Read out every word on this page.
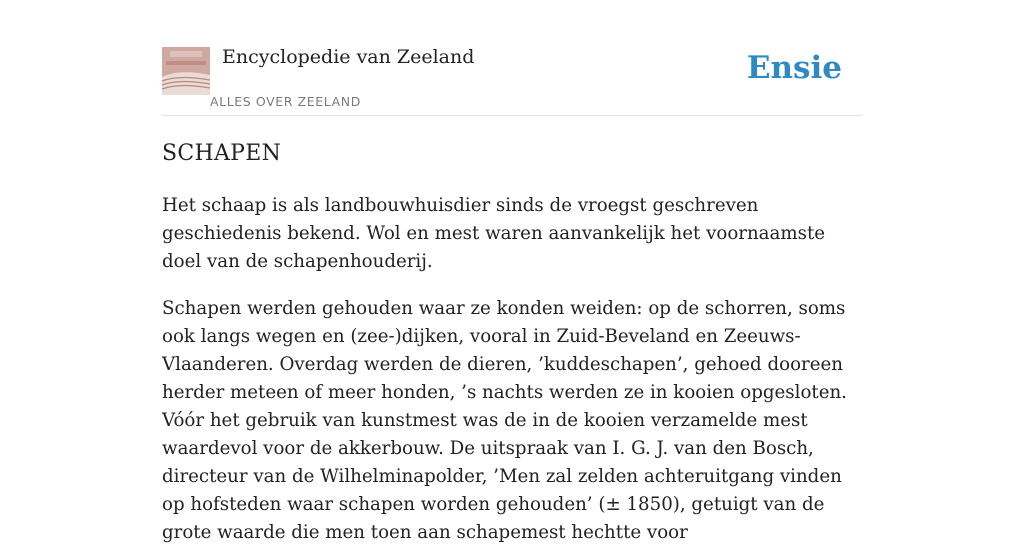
Encyclopedie van Zeeland
ALLES OVER ZEELAND
Ensie
SCHAPEN

Het schaap is als landbouwhuisdier sinds de vroegst geschreven geschiedenis bekend. Wol en mest waren aanvankelijk het voornaamste doel van de schapenhouderij.

Schapen werden gehouden waar ze konden weiden: op de schorren, soms ook langs wegen en (zee-)dijken, vooral in Zuid-Beveland en Zeeuws-Vlaanderen. Overdag werden de dieren, ’kuddeschapen’, gehoed dooreen herder meteen of meer honden, ’s nachts werden ze in kooien opgesloten. Vóór het gebruik van kunstmest was de in de kooien verzamelde mest waardevol voor de akkerbouw. De uitspraak van I. G. J. van den Bosch, directeur van de Wilhelminapolder, ’Men zal zelden achteruitgang vinden op hofsteden waar schapen worden gehouden’ (± 1850), getuigt van de grote waarde die men toen aan schapemest hechtte voor
